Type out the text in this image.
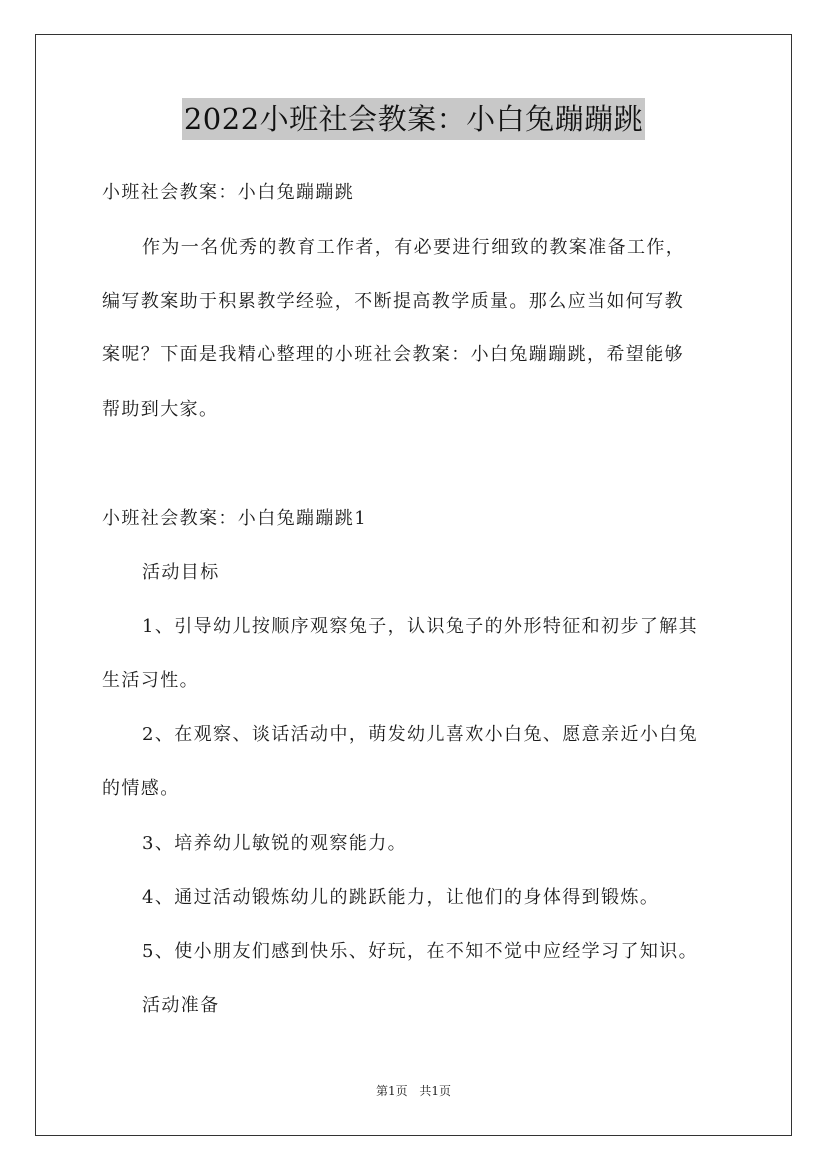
2022小班社会教案：小白兔蹦蹦跳
小班社会教案：小白兔蹦蹦跳
作为一名优秀的教育工作者，有必要进行细致的教案准备工作，
编写教案助于积累教学经验，不断提高教学质量。那么应当如何写教
案呢？下面是我精心整理的小班社会教案：小白兔蹦蹦跳，希望能够
帮助到大家。
小班社会教案：小白兔蹦蹦跳1
活动目标
1、引导幼儿按顺序观察兔子，认识兔子的外形特征和初步了解其
生活习性。
2、在观察、谈话活动中，萌发幼儿喜欢小白兔、愿意亲近小白兔
的情感。
3、培养幼儿敏锐的观察能力。
4、通过活动锻炼幼儿的跳跃能力，让他们的身体得到锻炼。
5、使小朋友们感到快乐、好玩，在不知不觉中应经学习了知识。
活动准备
第1页 共1页
